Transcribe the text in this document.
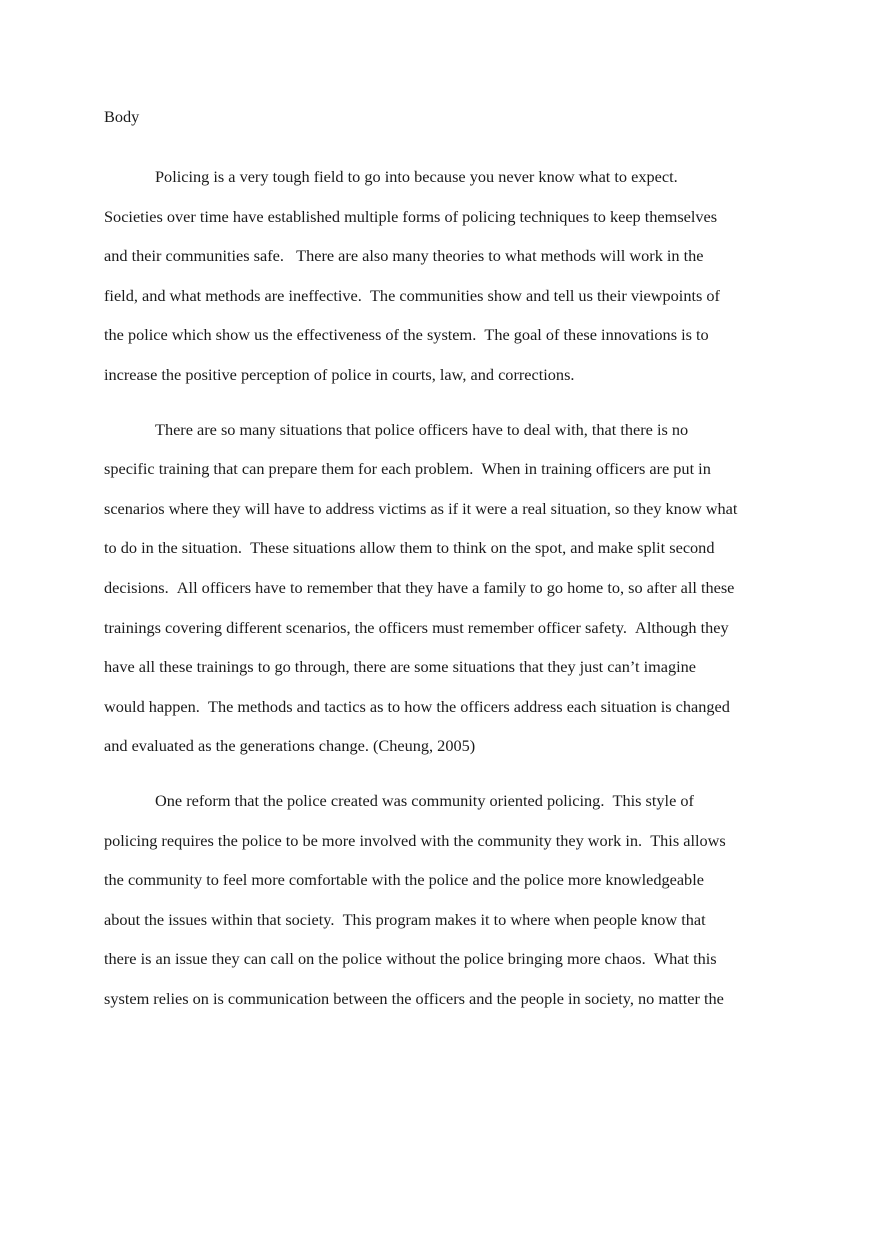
Body

Policing is a very tough field to go into because you never know what to expect.
Societies over time have established multiple forms of policing techniques to keep themselves
and their communities safe.   There are also many theories to what methods will work in the
field, and what methods are ineffective.  The communities show and tell us their viewpoints of
the police which show us the effectiveness of the system.  The goal of these innovations is to
increase the positive perception of police in courts, law, and corrections.

There are so many situations that police officers have to deal with, that there is no
specific training that can prepare them for each problem.  When in training officers are put in
scenarios where they will have to address victims as if it were a real situation, so they know what
to do in the situation.  These situations allow them to think on the spot, and make split second
decisions.  All officers have to remember that they have a family to go home to, so after all these
trainings covering different scenarios, the officers must remember officer safety.  Although they
have all these trainings to go through, there are some situations that they just can’t imagine
would happen.  The methods and tactics as to how the officers address each situation is changed
and evaluated as the generations change. (Cheung, 2005)

One reform that the police created was community oriented policing.  This style of
policing requires the police to be more involved with the community they work in.  This allows
the community to feel more comfortable with the police and the police more knowledgeable
about the issues within that society.  This program makes it to where when people know that
there is an issue they can call on the police without the police bringing more chaos.  What this
system relies on is communication between the officers and the people in society, no matter the
